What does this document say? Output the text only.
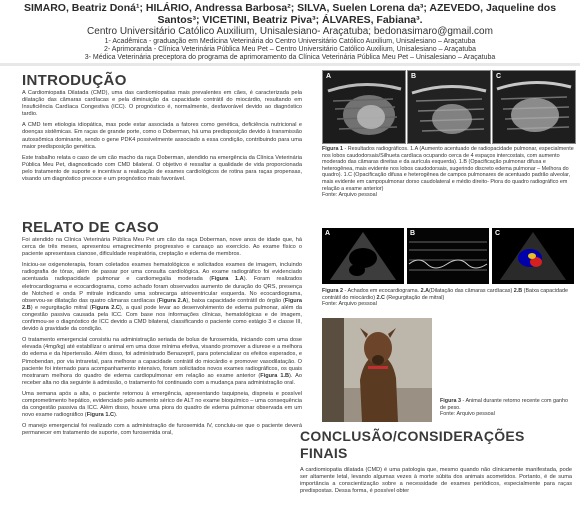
SIMARO, Beatriz Doná¹; HILÁRIO, Andressa Barbosa²; SILVA, Suelen Lorena da³; AZEVEDO, Jaqueline dos
Santos³; VICETINI, Beatriz Piva³; ÁLVARES, Fabiana³.
Centro Universitário Católico Auxilium, Unisalesiano- Araçatuba; bedonasimaro@gmail.com
1- Acadêmica - graduação em Medicina Veterinária do Centro Universitário Católico Auxilium, Unisalesiano – Araçatuba
2- Aprimoranda - Clínica Veterinária Pública Meu Pet – Centro Universitário Católico Auxilium, Unisalesiano – Araçatuba
3- Médica Veterinária preceptora do programa de aprimoramento da Clínica Veterinária Pública Meu Pet – Unisalesiano – Araçatuba
INTRODUÇÃO

A Cardiomiopatia Dilatada (CMD), uma das cardiomiopatias mais prevalentes em cães, é caracterizada pela dilatação das câmaras cardíacas e pela diminuição da capacidade contrátil do miocárdio, resultando em Insuficiência Cardíaca Congestiva (ICC). O prognóstico é, normalmente, desfavorável devido ao diagnóstico tardio.

A CMD tem etiologia idiopática, mas pode estar associada a fatores como genética, deficiência nutricional e doenças sistêmicas. Em raças de grande porte, como o Doberman, há uma predisposição devido à transmissão autossômica dominante, sendo o gene PDK4 possivelmente associado a essa condição, contribuindo para uma maior predisposição genética.

Este trabalho relata o caso de um cão macho da raça Doberman, atendido na emergência da Clínica Veterinária Pública Meu Pet, diagnosticado com CMD bilateral. O objetivo é ressaltar a qualidade de vida proporcionada pelo tratamento de suporte e incentivar a realização de exames cardiológicos de rotina para raças propensas, visando um diagnóstico precoce e um prognóstico mais favorável.

RELATO DE CASO

Foi atendido na Clínica Veterinária Pública Meu Pet um cão da raça Doberman, nove anos de idade que, há cerca de três meses, apresentou emagrecimento progressivo e cansaço ao exercício. Ao exame físico o paciente apresentava cianose, dificuldade respiratória, creptação e edema de membros.

Iniciou-se oxigenoterapia, foram coletados exames hematológicos e solicitados exames de imagem, incluindo radiografia de tórax, além de passar por uma consulta cardiológica. Ao exame radiográfico foi evidenciado acentuada radiopacidade pulmonar e cardiomegalia moderada (Figura 1.A). Foram realizados eletrocardiograma e ecocardiograma, como achado foram observados aumento de duração do QRS, presença de Notched e onda P mitrale indicando uma sobrecarga atrioventricular esquerda. No ecocardiograma, observou-se dilatação das quatro câmaras cardíacas (Figura 2.A), baixa capacidade contrátil do órgão (Figura 2.B) e regurgitação mitral (Figura 2.C), a qual pode levar ao desenvolvimento de edema pulmonar, além da congestão passiva causada pela ICC. Com base nos informações clínicas, hematológicas e de imagem, confirmou-se o diagnóstico de ICC devido a CMD bilateral, classificando o paciente como estágio 3 e classe III, devido à gravidade da condição.

O tratamento emergencial consistiu na administração seriada de bolus de furosemida, iniciando com uma dose elevada (4mg/kg) até estabilizar o animal em uma dose mínima efetiva, visando promover a diurese e a melhora do edema e da hipertensão. Além disso, foi administrado Benazepril, para potencializar os efeitos esperados, e Pimobendan, por via intraretal, para melhorar a capacidade contrátil do miocárdio e promover vasodilatação. O paciente foi internado para acompanhamento intensivo, foram solicitados novos exames radiográficos, os quais mostraram melhora do quadro de edema cardiopulmonar em relação ao exame anterior (Figura 1.B). Ao receber alta no dia seguinte à admissão, o tratamento foi continuado com a mudança para administração oral.

Uma semana após a alta, o paciente retornou à emergência, apresentando taquipneia, dispneia e possível comprometimento hepático, evidenciado pelo aumento sérico de ALT no exame bioquímico – uma consequência da congestão passiva da ICC. Além disso, houve uma piora do quadro de edema pulmonar observada em um novo exame radiográfico (Figura 1.C).

O manejo emergencial foi realizado com a administração de furosemida IV, concluiu-se que o paciente deverá permanecer em tratamento de suporte, com furosemida oral,

A	B	C
Figura 1 - Resultados radiográficos. 1.A (Aumento acentuado de radiopacidade pulmonar, especialmente nos lobos caudodorsais/Silhueta cardíaca ocupando cerca de 4 espaços intercostais, com aumento moderado das câmaras direitas e da aurícula esquerda). 1.B (Opacificação pulmonar difusa e heterogênea, mais evidente nos lobos caudodorsais, sugerindo discreto edema pulmonar – Melhora do quadro). 1.C (Opacificação difusa e heterogênea de campos pulmonares de acentuado padrão alveolar, mais evidente em campopulmonar dorso caudolateral e médio direito- Piora do quadro radiográfico em relação a exame anterior)
Fonte: Arquivo pessoal
A	B	C
Figura 2 - Achados em ecocardiograma. 2.A(Dilatação das câmaras cardíacas) 2.B (Baixa capacidade contrátil do miocárdio) 2.C (Regurgitação de mitral)
Fonte: Arquivo pessoal
Figura 3 - Animal durante retorno recente com ganho de peso.
Fonte: Arquivo pessoal
CONCLUSÃO/CONSIDERAÇÕES FINAIS

A cardiomiopatia dilatada (CMD) é uma patologia que, mesmo quando não clinicamente manifestada, pode ser altamente letal, levando algumas vezes à morte súbita dos animais acometidos. Portanto, é de suma importância a conscientização sobre a necessidade de exames periódicos, especialmente para raças predispostas. Dessa forma, é possível obter
